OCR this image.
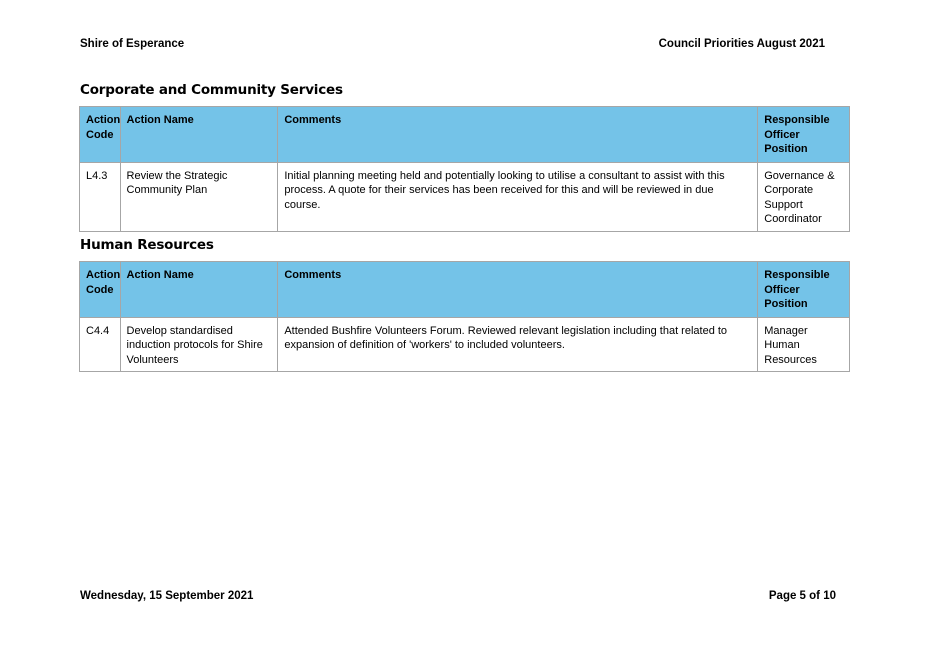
Shire of Esperance	Council Priorities August 2021
Corporate and Community Services
Action Code	Action Name	Comments	Responsible Officer Position
L4.3	Review the Strategic Community Plan	Initial planning meeting held and potentially looking to utilise a consultant to assist with this process. A quote for their services has been received for this and will be reviewed in due course.	Governance & Corporate Support Coordinator
Human Resources
Action Code	Action Name	Comments	Responsible Officer Position
C4.4	Develop standardised induction protocols for Shire Volunteers	Attended Bushfire Volunteers Forum. Reviewed relevant legislation including that related to expansion of definition of 'workers' to included volunteers.	Manager Human Resources
Wednesday, 15 September 2021	Page 5 of 10
